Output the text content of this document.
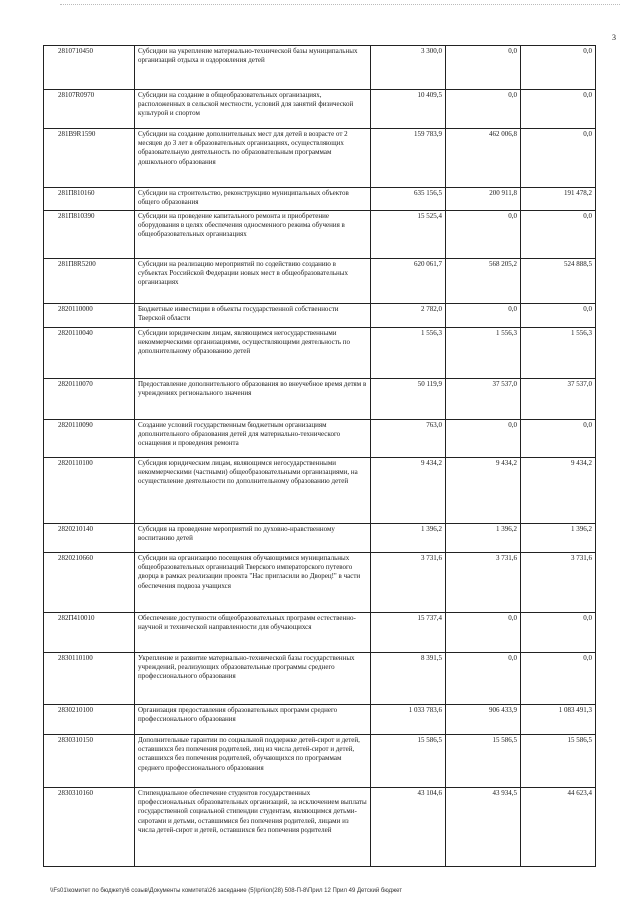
3
2810710450	Субсидии на укрепление материально-технической базы муниципальных организаций отдыха и оздоровления детей	3 300,0	0,0	0,0
28107R0970	Субсидии на создание в общеобразовательных организациях, расположенных в сельской местности, условий для занятий физической культурой и спортом	10 409,5	0,0	0,0
281В9R1590	Субсидии на создание дополнительных мест для детей в возрасте от 2 месяцев до 3 лет в образовательных организациях, осуществляющих образовательную деятельность по образовательным программам дошкольного образования	159 783,9	462 006,8	0,0
281П810160	Субсидии на строительство, реконструкцию муниципальных объектов общего образования	635 156,5	200 911,8	191 478,2
281П810390	Субсидии на проведение капитального ремонта и приобретение оборудования в целях обеспечения односменного режима обучения в общеобразовательных организациях	15 525,4	0,0	0,0
281П8R5200	Субсидии на реализацию мероприятий по содействию созданию в субъектах Российской Федерации новых мест в общеобразовательных организациях	620 061,7	568 205,2	524 888,5
2820110000	Бюджетные инвестиции в объекты государственной собственности Тверской области	2 782,0	0,0	0,0
2820110040	Субсидии юридическим лицам, являющимся негосударственными некоммерческими организациями, осуществляющими деятельность по дополнительному образованию детей	1 556,3	1 556,3	1 556,3
2820110070	Предоставление дополнительного образования во внеучебное время детям в учреждениях регионального значения	50 119,9	37 537,0	37 537,0
2820110090	Создание условий государственным бюджетным организациям дополнительного образования детей для материально-технического оснащения и проведения ремонта	763,0	0,0	0,0
2820110100	Субсидия юридическим лицам, являющимся негосударственными некоммерческими (частными) общеобразовательными организациями, на осуществление деятельности по дополнительному образованию детей	9 434,2	9 434,2	9 434,2
2820210140	Субсидия на проведение мероприятий по духовно-нравственному воспитанию детей	1 396,2	1 396,2	1 396,2
2820210660	Субсидии на организацию посещения обучающимися муниципальных общеобразовательных организаций Тверского императорского путевого дворца в рамках реализации проекта "Нас пригласили во Дворец!" в части обеспечения подвоза учащихся	3 731,6	3 731,6	3 731,6
282П410010	Обеспечение доступности общеобразовательных программ естественно-научной и технической направленности для обучающихся	15 737,4	0,0	0,0
2830110100	Укрепление и развитие материально-технической базы государственных учреждений, реализующих образовательные программы среднего профессионального образования	8 391,5	0,0	0,0
2830210100	Организация предоставления образовательных программ среднего профессионального образования	1 033 783,6	906 433,9	1 083 491,3
2830310150	Дополнительные гарантии по социальной поддержке детей-сирот и детей, оставшихся без попечения родителей, лиц из числа детей-сирот и детей, оставшихся без попечения родителей, обучающихся по программам среднего профессионального образования	15 586,5	15 586,5	15 586,5
2830310160	Стипендиальное обеспечение студентов государственных профессиональных образовательных организаций, за исключением выплаты государственной социальной стипендии студентам, являющимся детьми-сиротами и детьми, оставшимися без попечения родителей, лицами из числа детей-сирот и детей, оставшихся без попечения родителей	43 104,6	43 934,5	44 623,4
\\Fs01\комитет по бюджету\6 созыв\Документы комитета\26 заседание (5)\pr\ion(28) 508-П-8\Прил 12 Прил 49 Детский бюджет
